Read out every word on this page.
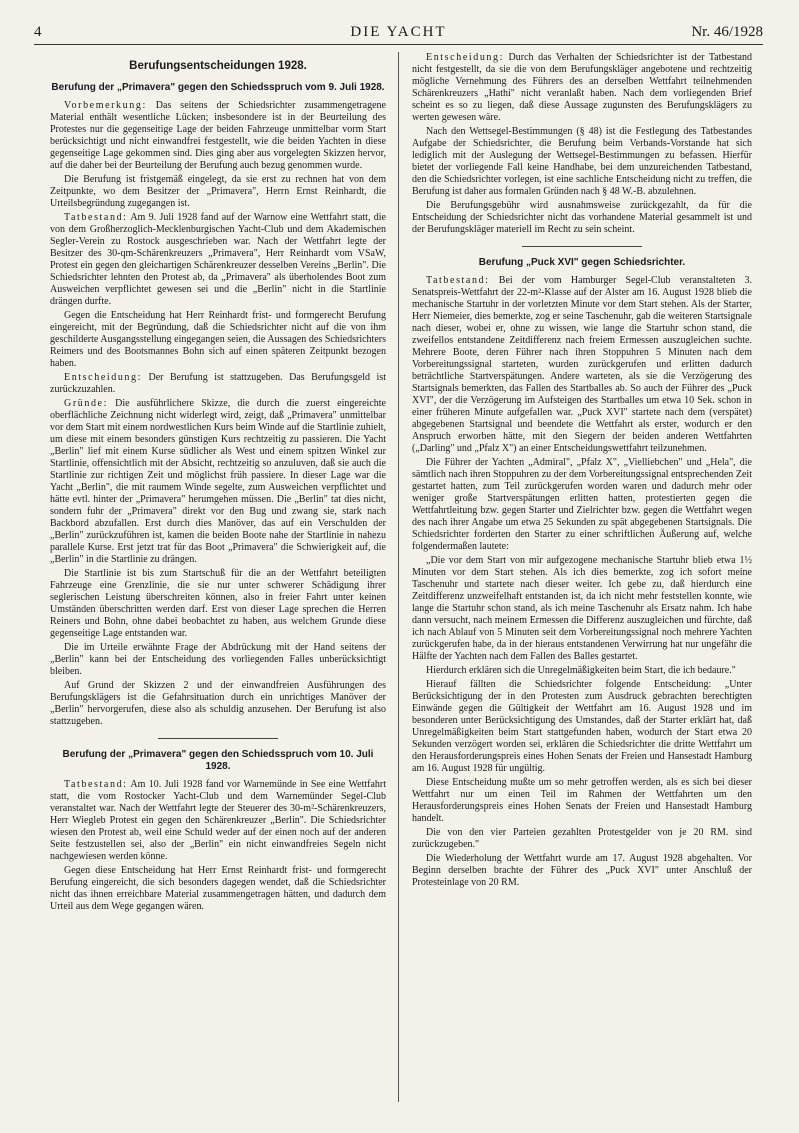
4	DIE YACHT	Nr. 46/1928
Berufungsentscheidungen 1928.
Berufung der „Primavera" gegen den Schiedsspruch vom 9. Juli 1928.

Vorbemerkung: Das seitens der Schiedsrichter zusammengetragene Material enthält wesentliche Lücken; insbesondere ist in der Beurteilung des Protestes nur die gegenseitige Lage der beiden Fahrzeuge unmittelbar vorm Start berücksichtigt und nicht einwandfrei festgestellt, wie die beiden Yachten in diese gegenseitige Lage gekommen sind. Dies ging aber aus vorgelegten Skizzen hervor, auf die daher bei der Beurteilung der Berufung auch bezug genommen wurde.

Die Berufung ist fristgemäß eingelegt, da sie erst zu rechnen hat von dem Zeitpunkte, wo dem Besitzer der „Primavera", Herrn Ernst Reinhardt, die Urteilsbegründung zugegangen ist.

Tatbestand: Am 9. Juli 1928 fand auf der Warnow eine Wettfahrt statt, die von dem Großherzoglich-Mecklenburgischen Yacht-Club und dem Akademischen Segler-Verein zu Rostock ausgeschrieben war. Nach der Wettfahrt legte der Besitzer des 30-qm-Schärenkreuzers „Primavera", Herr Reinhardt vom VSaW, Protest ein gegen den gleichartigen Schärenkreuzer desselben Vereins „Berlin". Die Schiedsrichter lehnten den Protest ab, da „Primavera" als überholendes Boot zum Ausweichen verpflichtet gewesen sei und die „Berlin" nicht in die Startlinie drängen durfte.

Gegen die Entscheidung hat Herr Reinhardt frist- und formgerecht Berufung eingereicht, mit der Begründung, daß die Schiedsrichter nicht auf die von ihm geschilderte Ausgangsstellung eingegangen seien, die Aussagen des Schiedsrichters Reimers und des Bootsmannes Bohn sich auf einen späteren Zeitpunkt bezogen haben.

Entscheidung: Der Berufung ist stattzugeben. Das Berufungsgeld ist zurückzuzahlen.

Gründe: Die ausführlichere Skizze, die durch die zuerst eingereichte oberflächliche Zeichnung nicht widerlegt wird, zeigt, daß „Primavera" unmittelbar vor dem Start mit einem nordwestlichen Kurs beim Winde auf die Startlinie zuhielt, um diese mit einem besonders günstigen Kurs rechtzeitig zu passieren. Die Yacht „Berlin" lief mit einem Kurse südlicher als West und einem spitzen Winkel zur Startlinie, offensichtlich mit der Absicht, rechtzeitig so anzuluven, daß sie auch die Startlinie zur richtigen Zeit und möglichst früh passiere. In dieser Lage war die Yacht „Berlin", die mit raumem Winde segelte, zum Ausweichen verpflichtet und hätte evtl. hinter der „Primavera" herumgehen müssen. Die „Berlin" tat dies nicht, sondern fuhr der „Primavera" direkt vor den Bug und zwang sie, stark nach Backbord abzufallen. Erst durch dies Manöver, das auf ein Verschulden der „Berlin" zurückzuführen ist, kamen die beiden Boote nahe der Startlinie in nahezu parallele Kurse. Erst jetzt trat für das Boot „Primavera" die Schwierigkeit auf, die „Berlin" in die Startlinie zu drängen.

Die Startlinie ist bis zum Startschuß für die an der Wettfahrt beteiligten Fahrzeuge eine Grenzlinie, die sie nur unter schwerer Schädigung ihrer seglerischen Leistung überschreiten können, also in freier Fahrt unter keinen Umständen überschritten werden darf. Erst von dieser Lage sprechen die Herren Reiners und Bohn, ohne dabei beobachtet zu haben, aus welchem Grunde diese gegenseitige Lage entstanden war.

Die im Urteile erwähnte Frage der Abdrückung mit der Hand seitens der „Berlin" kann bei der Entscheidung des vorliegenden Falles unberücksichtigt bleiben.

Auf Grund der Skizzen 2 und der einwandfreien Ausführungen des Berufungsklägers ist die Gefahrsituation durch ein unrichtiges Manöver der „Berlin" hervorgerufen, diese also als schuldig anzusehen. Der Berufung ist also stattzugeben.

Berufung der „Primavera" gegen den Schiedsspruch vom 10. Juli 1928.

Tatbestand: Am 10. Juli 1928 fand vor Warnemünde in See eine Wettfahrt statt, die vom Rostocker Yacht-Club und dem Warnemünder Segel-Club veranstaltet war. Nach der Wettfahrt legte der Steuerer des 30-m²-Schärenkreuzers, Herr Wiegleb Protest ein gegen den Schärenkreuzer „Berlin". Die Schiedsrichter wiesen den Protest ab, weil eine Schuld weder auf der einen noch auf der anderen Seite festzustellen sei, also der „Berlin" ein nicht einwandfreies Segeln nicht nachgewiesen werden könne.

Gegen diese Entscheidung hat Herr Ernst Reinhardt frist- und formgerecht Berufung eingereicht, die sich besonders dagegen wendet, daß die Schiedsrichter nicht das ihnen erreichbare Material zusammengetragen hätten, und dadurch dem Urteil aus dem Wege gegangen wären.

Entscheidung: Durch das Verhalten der Schiedsrichter ist der Tatbestand nicht festgestellt, da sie die von dem Berufungskläger angebotene und rechtzeitig mögliche Vernehmung des Führers des an derselben Wettfahrt teilnehmenden Schärenkreuzers „Hathi" nicht veranlaßt haben. Nach dem vorliegenden Brief scheint es so zu liegen, daß diese Aussage zugunsten des Berufungsklägers zu werten gewesen wäre.

Nach den Wettsegel-Bestimmungen (§ 48) ist die Festlegung des Tatbestandes Aufgabe der Schiedsrichter, die Berufung beim Verbands-Vorstande hat sich lediglich mit der Auslegung der Wettsegel-Bestimmungen zu befassen. Hierfür bietet der vorliegende Fall keine Handhabe, bei dem unzureichenden Tatbestand, den die Schiedsrichter vorlegen, ist eine sachliche Entscheidung nicht zu treffen, die Berufung ist daher aus formalen Gründen nach § 48 W.-B. abzulehnen.

Die Berufungsgebühr wird ausnahmsweise zurückgezahlt, da für die Entscheidung der Schiedsrichter nicht das vorhandene Material gesammelt ist und der Berufungskläger materiell im Recht zu sein scheint.

Berufung „Puck XVI" gegen Schiedsrichter.

Tatbestand: Bei der vom Hamburger Segel-Club veranstalteten 3. Senatspreis-Wettfahrt der 22-m²-Klasse auf der Alster am 16. August 1928 blieb die mechanische Startuhr in der vorletzten Minute vor dem Start stehen. Als der Starter, Herr Niemeier, dies bemerkte, zog er seine Taschenuhr, gab die weiteren Startsignale nach dieser, wobei er, ohne zu wissen, wie lange die Startuhr schon stand, die zweifellos entstandene Zeitdifferenz nach freiem Ermessen auszugleichen suchte. Mehrere Boote, deren Führer nach ihren Stoppuhren 5 Minuten nach dem Vorbereitungssignal starteten, wurden zurückgerufen und erlitten dadurch beträchtliche Startverspätungen. Andere warteten, als sie die Verzögerung des Startsignals bemerkten, das Fallen des Startballes ab. So auch der Führer des „Puck XVI", der die Verzögerung im Aufsteigen des Startballes um etwa 10 Sek. schon in einer früheren Minute aufgefallen war. „Puck XVI" startete nach dem (verspätet) abgegebenen Startsignal und beendete die Wettfahrt als erster, wodurch er den Anspruch erworben hätte, mit den Siegern der beiden anderen Wettfahrten („Darling" und „Pfalz X") an einer Entscheidungswettfahrt teilzunehmen.

Die Führer der Yachten „Admiral", „Pfalz X", „Vielliebchen" und „Hela", die sämtlich nach ihren Stoppuhren zu der dem Vorbereitungssignal entsprechenden Zeit gestartet hatten, zum Teil zurückgerufen worden waren und dadurch mehr oder weniger große Startverspätungen erlitten hatten, protestierten gegen die Wettfahrtleitung bzw. gegen Starter und Zielrichter bzw. gegen die Wettfahrt wegen des nach ihrer Angabe um etwa 25 Sekunden zu spät abgegebenen Startsignals. Die Schiedsrichter forderten den Starter zu einer schriftlichen Äußerung auf, welche folgendermaßen lautete:

„Die vor dem Start von mir aufgezogene mechanische Startuhr blieb etwa 1½ Minuten vor dem Start stehen. Als ich dies bemerkte, zog ich sofort meine Taschenuhr und startete nach dieser weiter. Ich gebe zu, daß hierdurch eine Zeitdifferenz unzweifelhaft entstanden ist, da ich nicht mehr feststellen konnte, wie lange die Startuhr schon stand, als ich meine Taschenuhr als Ersatz nahm. Ich habe dann versucht, nach meinem Ermessen die Differenz auszugleichen und fürchte, daß ich nach Ablauf von 5 Minuten seit dem Vorbereitungssignal noch mehrere Yachten zurückgerufen habe, da in der hieraus entstandenen Verwirrung hat nur ungefähr die Hälfte der Yachten nach dem Fallen des Balles gestartet.

Hierdurch erklären sich die Unregelmäßigkeiten beim Start, die ich bedaure."

Hierauf fällten die Schiedsrichter folgende Entscheidung: „Unter Berücksichtigung der in den Protesten zum Ausdruck gebrachten berechtigten Einwände gegen die Gültigkeit der Wettfahrt am 16. August 1928 und im besonderen unter Berücksichtigung des Umstandes, daß der Starter erklärt hat, daß Unregelmäßigkeiten beim Start stattgefunden haben, wodurch der Start etwa 20 Sekunden verzögert worden sei, erklären die Schiedsrichter die dritte Wettfahrt um den Herausforderungspreis eines Hohen Senats der Freien und Hansestadt Hamburg am 16. August 1928 für ungültig.

Diese Entscheidung mußte um so mehr getroffen werden, als es sich bei dieser Wettfahrt nur um einen Teil im Rahmen der Wettfahrten um den Herausforderungspreis eines Hohen Senats der Freien und Hansestadt Hamburg handelt.

Die von den vier Parteien gezahlten Protestgelder von je 20 RM. sind zurückzugeben."

Die Wiederholung der Wettfahrt wurde am 17. August 1928 abgehalten. Vor Beginn derselben brachte der Führer des „Puck XVI" unter Anschluß der Protesteinlage von 20 RM.
